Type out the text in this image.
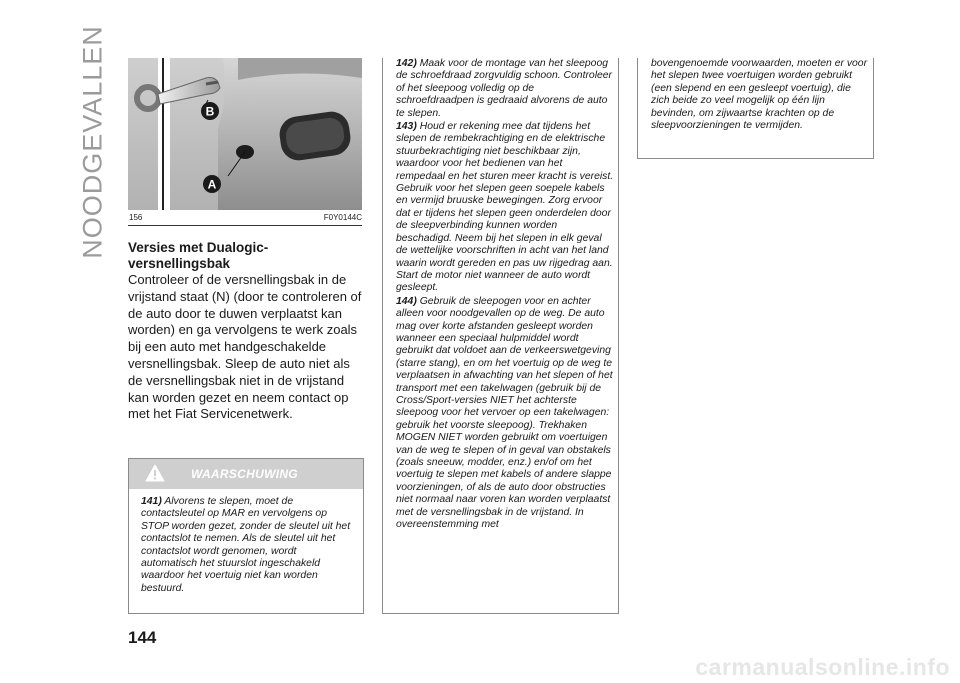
NOODGEVALLEN	B
A
156	F0Y0144C
Versies met Dualogic-versnellingsbak

Controleer of de versnellingsbak in de vrijstand staat (N) (door te controleren of de auto door te duwen verplaatst kan worden) en ga vervolgens te werk zoals bij een auto met handgeschakelde versnellingsbak. Sleep de auto niet als de versnellingsbak niet in de vrijstand kan worden gezet en neem contact op met het Fiat Servicenetwerk.

WAARSCHUWING
141) Alvorens te slepen, moet de contactsleutel op MAR en vervolgens op STOP worden gezet, zonder de sleutel uit het contactslot te nemen. Als de sleutel uit het contactslot wordt genomen, wordt automatisch het stuurslot ingeschakeld waardoor het voertuig niet kan worden bestuurd.

142) Maak voor de montage van het sleepoog de schroefdraad zorgvuldig schoon. Controleer of het sleepoog volledig op de schroefdraadpen is gedraaid alvorens de auto te slepen.

143) Houd er rekening mee dat tijdens het slepen de rembekrachtiging en de elektrische stuurbekrachtiging niet beschikbaar zijn, waardoor voor het bedienen van het rempedaal en het sturen meer kracht is vereist. Gebruik voor het slepen geen soepele kabels en vermijd bruuske bewegingen. Zorg ervoor dat er tijdens het slepen geen onderdelen door de sleepverbinding kunnen worden beschadigd. Neem bij het slepen in elk geval de wettelijke voorschriften in acht van het land waarin wordt gereden en pas uw rijgedrag aan. Start de motor niet wanneer de auto wordt gesleept.

144) Gebruik de sleepogen voor en achter alleen voor noodgevallen op de weg. De auto mag over korte afstanden gesleept worden wanneer een speciaal hulpmiddel wordt gebruikt dat voldoet aan de verkeerswetgeving (starre stang), en om het voertuig op de weg te verplaatsen in afwachting van het slepen of het transport met een takelwagen (gebruik bij de Cross/Sport-versies NIET het achterste sleepoog voor het vervoer op een takelwagen: gebruik het voorste sleepoog). Trekhaken MOGEN NIET worden gebruikt om voertuigen van de weg te slepen of in geval van obstakels (zoals sneeuw, modder, enz.) en/of om het voertuig te slepen met kabels of andere slappe voorzieningen, of als de auto door obstructies niet normaal naar voren kan worden verplaatst met de versnellingsbak in de vrijstand. In overeenstemming met

bovengenoemde voorwaarden, moeten er voor het slepen twee voertuigen worden gebruikt (een slepend en een gesleept voertuig), die zich beide zo veel mogelijk op één lijn bevinden, om zijwaartse krachten op de sleepvoorzieningen te vermijden.

144
carmanualsonline.info
